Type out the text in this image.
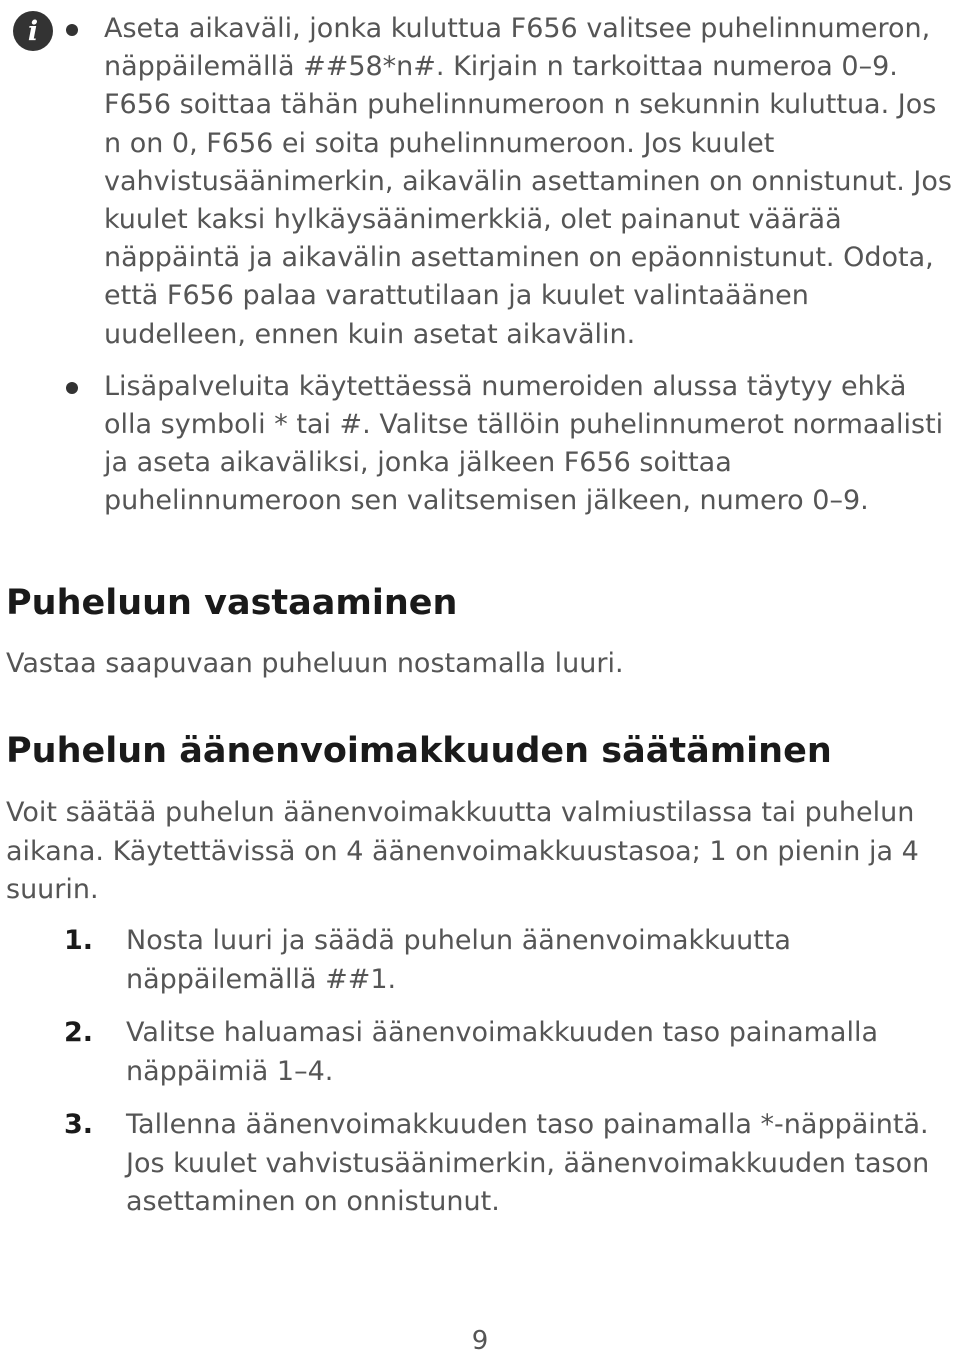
i	Aseta aikaväli, jonka kuluttua F656 valitsee puhelinnumeron, näppäilemällä ##58*n#. Kirjain n tarkoittaa numeroa 0–9. F656 soittaa tähän puhelinnumeroon n sekunnin kuluttua. Jos n on 0, F656 ei soita puhelinnumeroon. Jos kuulet vahvistusäänimerkin, aikavälin asettaminen on onnistunut. Jos kuulet kaksi hylkäysäänimerkkiä, olet painanut väärää näppäintä ja aikavälin asettaminen on epäonnistunut. Odota, että F656 palaa varattutilaan ja kuulet valintaäänen uudelleen, ennen kuin asetat aikavälin.
Lisäpalveluita käytettäessä numeroiden alussa täytyy ehkä olla symboli * tai #. Valitse tällöin puhelinnumerot normaalisti ja aseta aikaväliksi, jonka jälkeen F656 soittaa puhelinnumeroon sen valitsemisen jälkeen, numero 0–9.
Puheluun vastaaminen

Vastaa saapuvaan puheluun nostamalla luuri.

Puhelun äänenvoimakkuuden säätäminen

Voit säätää puhelun äänenvoimakkuutta valmiustilassa tai puhelun aikana. Käytettävissä on 4 äänenvoimakkuustasoa; 1 on pienin ja 4 suurin.

1. Nosta luuri ja säädä puhelun äänenvoimakkuutta näppäilemällä ##1.
2. Valitse haluamasi äänenvoimakkuuden taso painamalla näppäimiä 1–4.
3. Tallenna äänenvoimakkuuden taso painamalla *-näppäintä. Jos kuulet vahvistusäänimerkin, äänenvoimakkuuden tason asettaminen on onnistunut.
9
